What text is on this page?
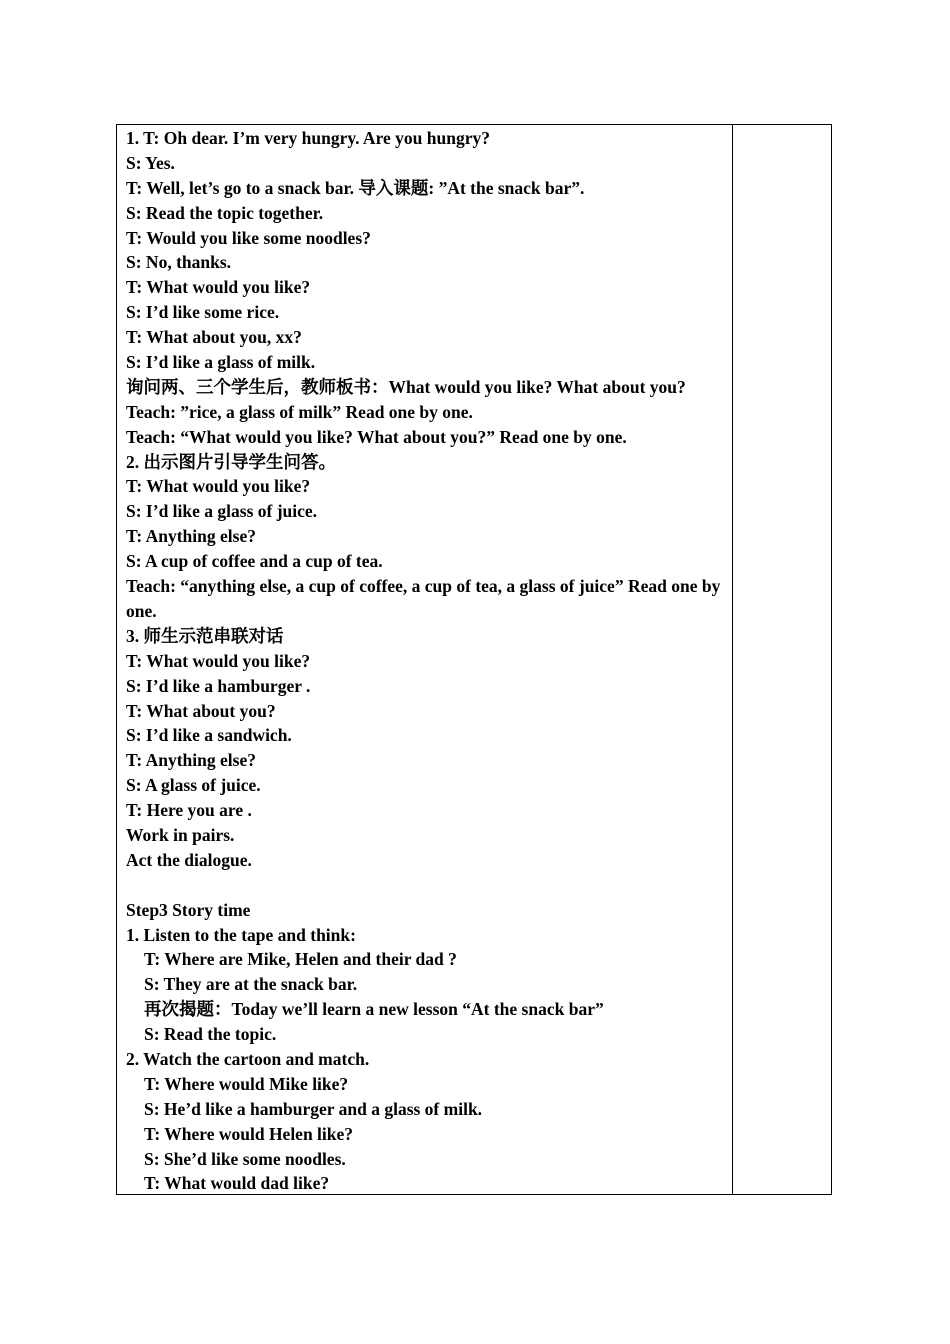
1. T: Oh dear. I’m very hungry. Are you hungry?
S: Yes.
T: Well, let’s go to a snack bar. 导入课题: ”At the snack bar”.
S: Read the topic together.
T: Would you like some noodles?
S: No, thanks.
T: What would you like?
S: I’d like some rice.
T: What about you, xx?
S: I’d like a glass of milk.
询问两、三个学生后，教师板书：What would you like? What about you?
Teach: ”rice, a glass of milk” Read one by one.
Teach: “What would you like? What about you?” Read one by one.
2. 出示图片引导学生问答。
T: What would you like?
S: I’d like a glass of juice.
T: Anything else?
S: A cup of coffee and a cup of tea.
Teach: “anything else, a cup of coffee, a cup of tea, a glass of juice” Read one by one.
3. 师生示范串联对话
T: What would you like?
S: I’d like a hamburger .
T: What about you?
S: I’d like a sandwich.
T: Anything else?
S: A glass of juice.
T: Here you are .
Work in pairs.
Act the dialogue.
Step3 Story time
1. Listen to the tape and think:
T: Where are Mike, Helen and their dad ?
S: They are at the snack bar.
再次揭题：Today we’ll learn a new lesson “At the snack bar”
S: Read the topic.
2. Watch the cartoon and match.
T: Where would Mike like?
S: He’d like a hamburger and a glass of milk.
T: Where would Helen like?
S: She’d like some noodles.
T: What would dad like?
